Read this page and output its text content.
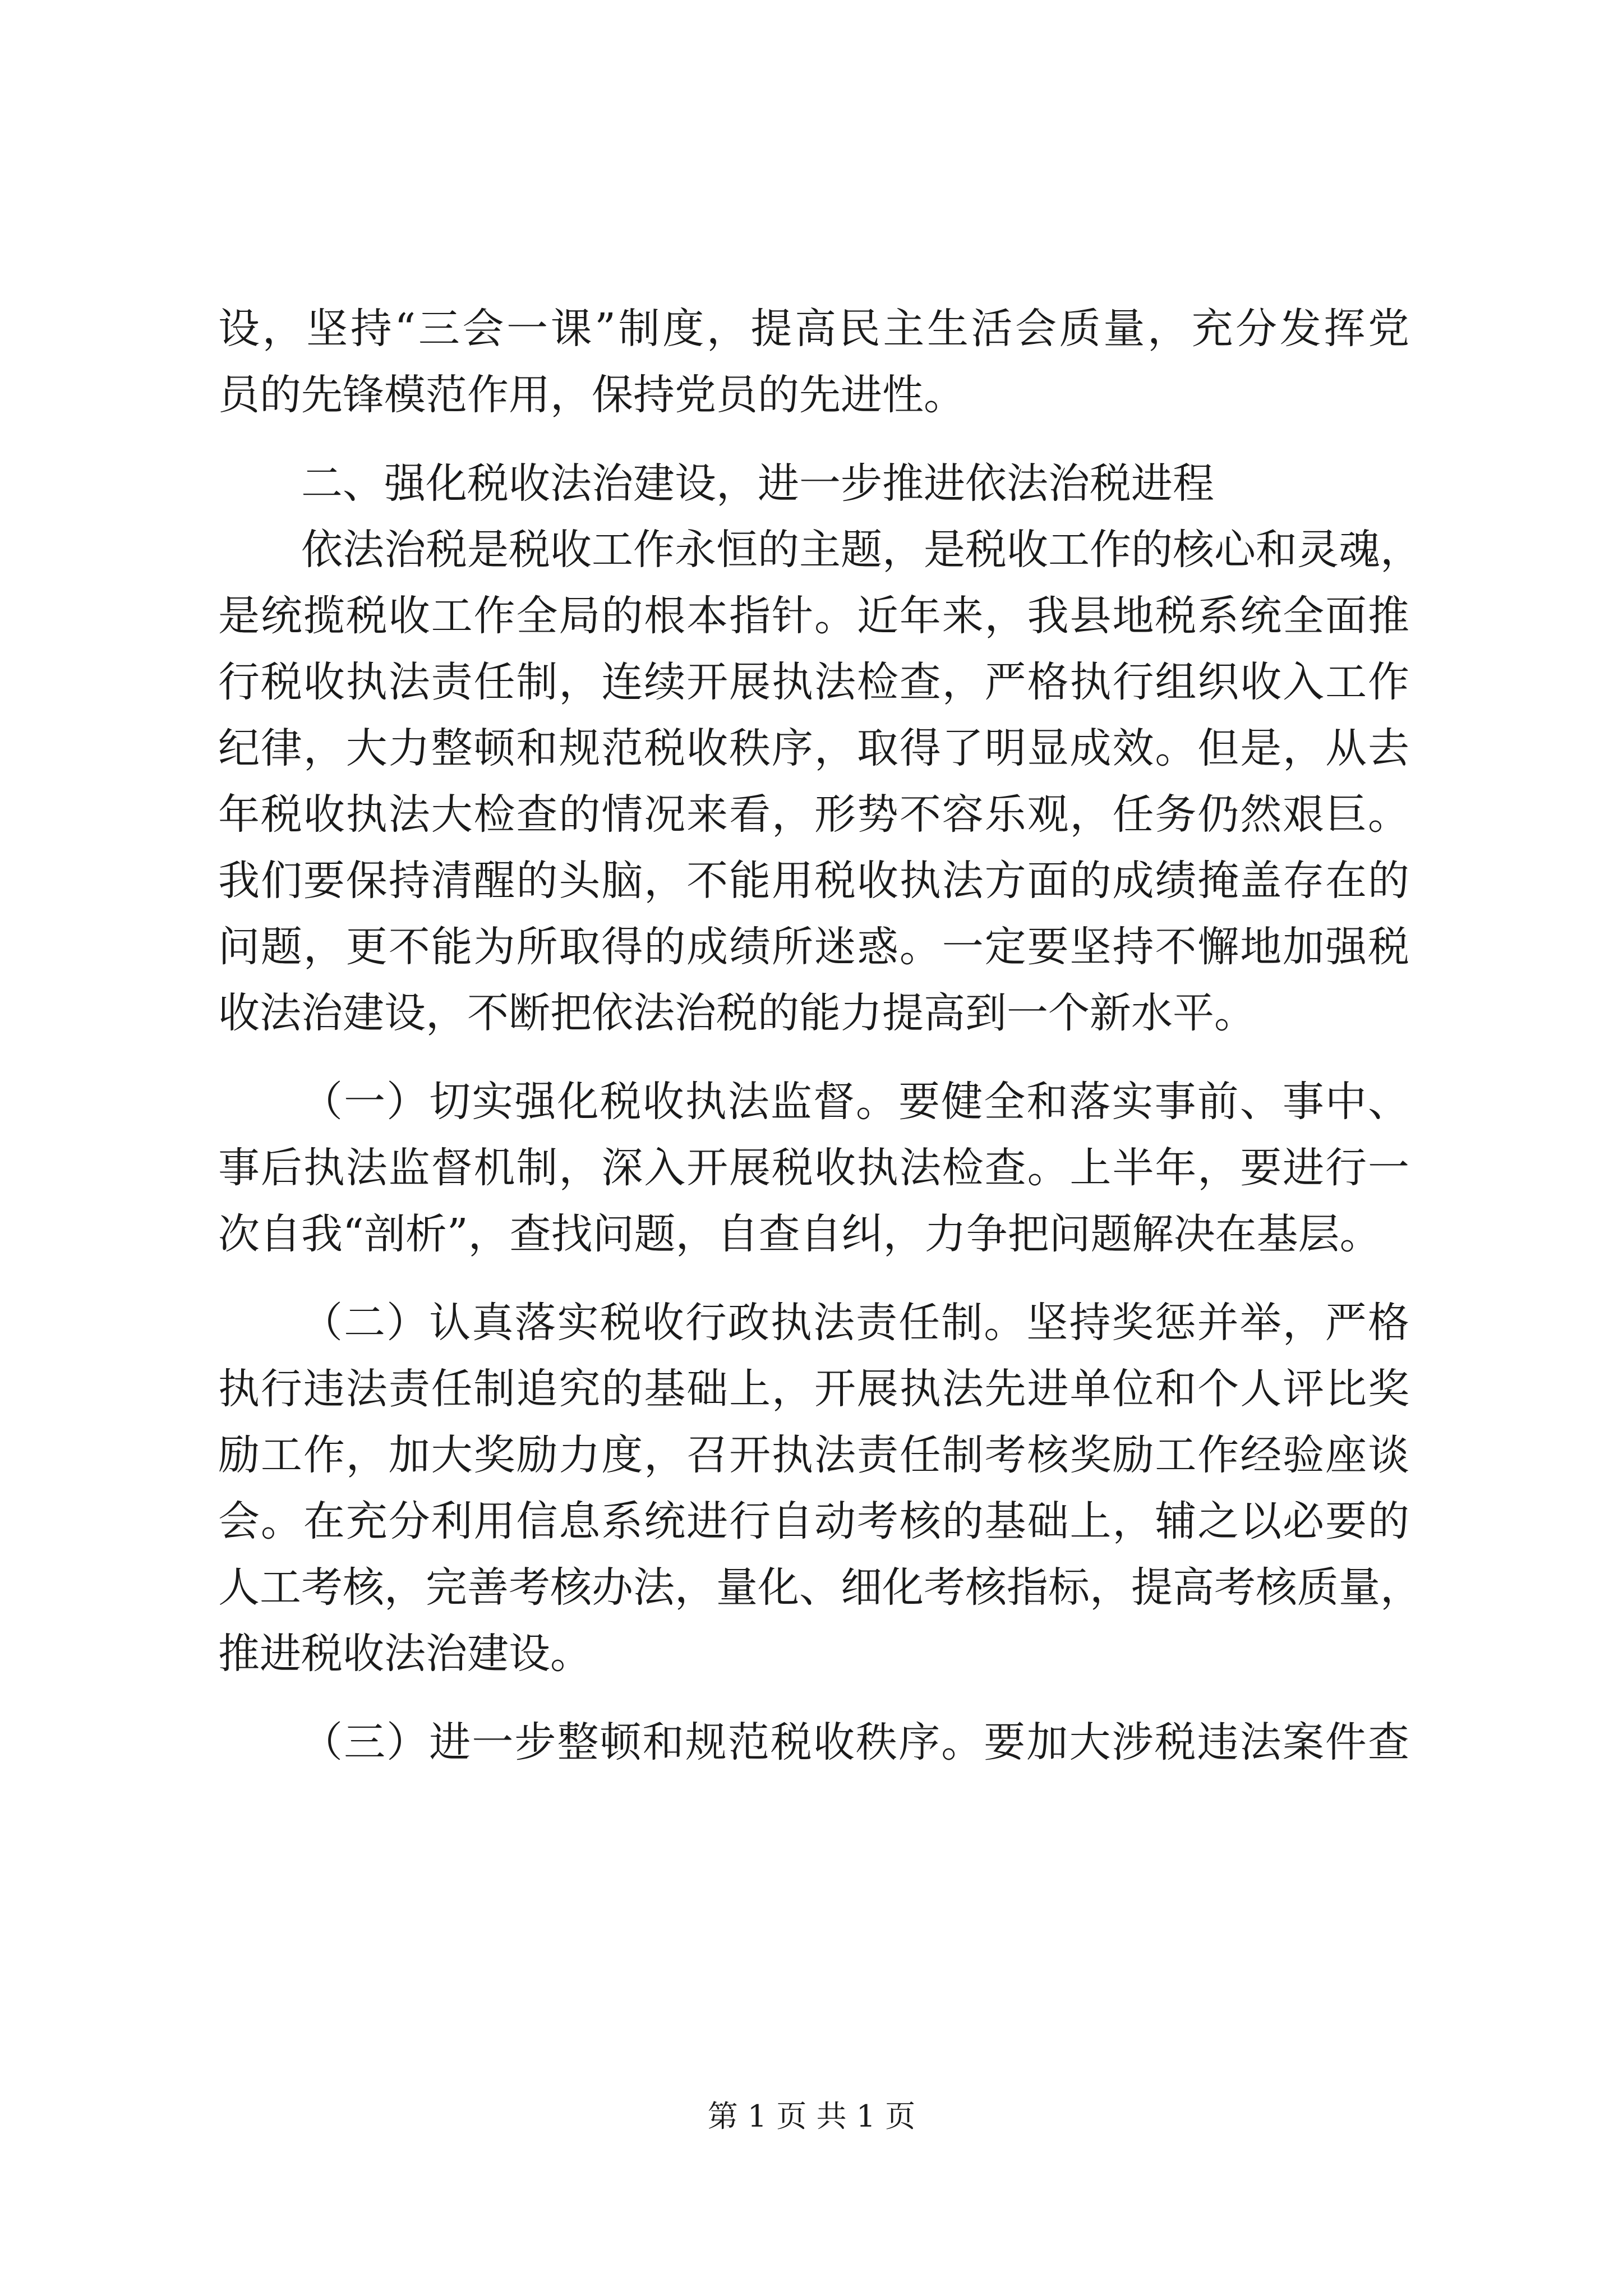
设，坚持“三会一课”制度，提高民主生活会质量，充分发挥党
员的先锋模范作用，保持党员的先进性。
二、强化税收法治建设，进一步推进依法治税进程
依法治税是税收工作永恒的主题，是税收工作的核心和灵魂，
是统揽税收工作全局的根本指针。近年来，我县地税系统全面推
行税收执法责任制，连续开展执法检查，严格执行组织收入工作
纪律，大力整顿和规范税收秩序，取得了明显成效。但是，从去
年税收执法大检查的情况来看，形势不容乐观，任务仍然艰巨。
我们要保持清醒的头脑，不能用税收执法方面的成绩掩盖存在的
问题，更不能为所取得的成绩所迷惑。一定要坚持不懈地加强税
收法治建设，不断把依法治税的能力提高到一个新水平。
（一）切实强化税收执法监督。要健全和落实事前、事中、
事后执法监督机制，深入开展税收执法检查。上半年，要进行一
次自我“剖析”，查找问题，自查自纠，力争把问题解决在基层。
（二）认真落实税收行政执法责任制。坚持奖惩并举，严格
执行违法责任制追究的基础上，开展执法先进单位和个人评比奖
励工作，加大奖励力度，召开执法责任制考核奖励工作经验座谈
会。在充分利用信息系统进行自动考核的基础上，辅之以必要的
人工考核，完善考核办法，量化、细化考核指标，提高考核质量，
推进税收法治建设。
（三）进一步整顿和规范税收秩序。要加大涉税违法案件查
第 1 页 共 1 页
